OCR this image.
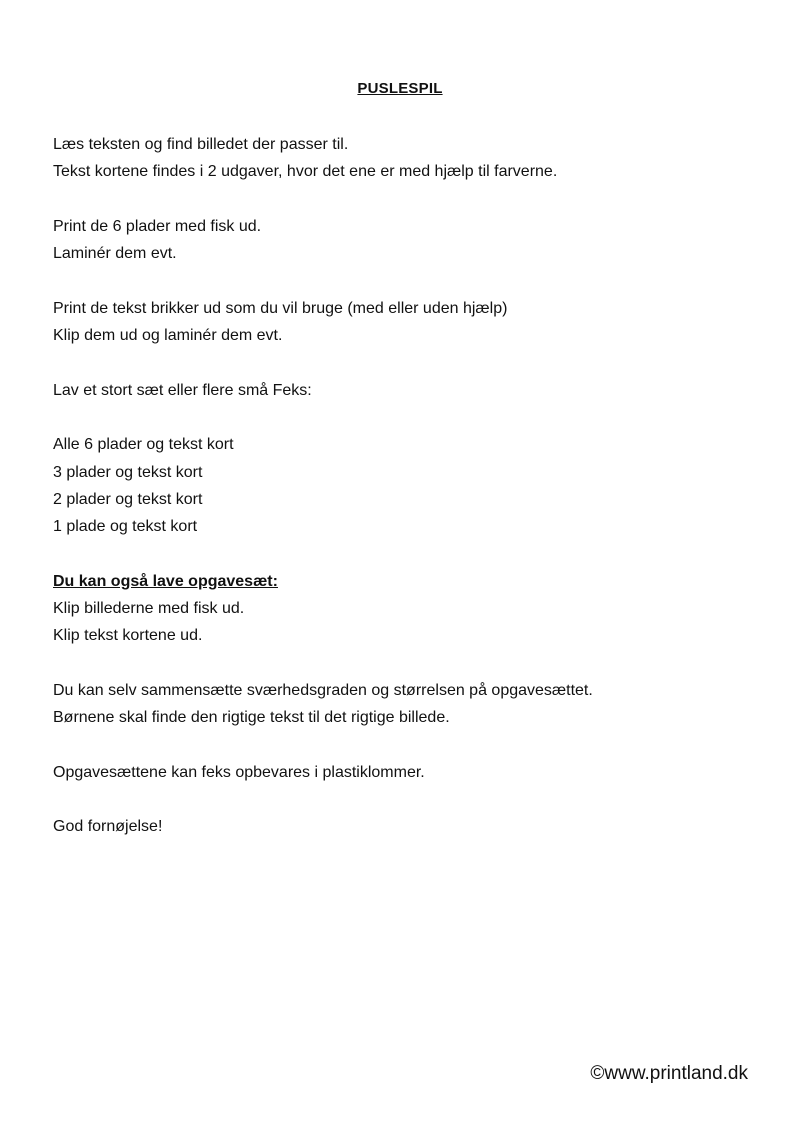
PUSLESPIL
Læs teksten og find billedet der passer til.
Tekst kortene findes i 2 udgaver, hvor det ene er med hjælp til farverne.
Print de 6 plader med fisk ud.
Laminér dem evt.
Print de tekst brikker ud som du vil bruge (med eller uden hjælp)
Klip dem ud og laminér dem evt.
Lav et stort sæt eller flere små Feks:
Alle 6 plader og tekst kort
3 plader og tekst kort
2 plader og tekst kort
1 plade og tekst kort
Du kan også lave opgavesæt:
Klip billederne med fisk ud.
Klip tekst kortene ud.
Du kan selv sammensætte sværhedsgraden og størrelsen på opgavesættet.
Børnene skal finde den rigtige tekst til det rigtige billede.
Opgavesættene kan feks opbevares i plastiklommer.
God fornøjelse!
©www.printland.dk
